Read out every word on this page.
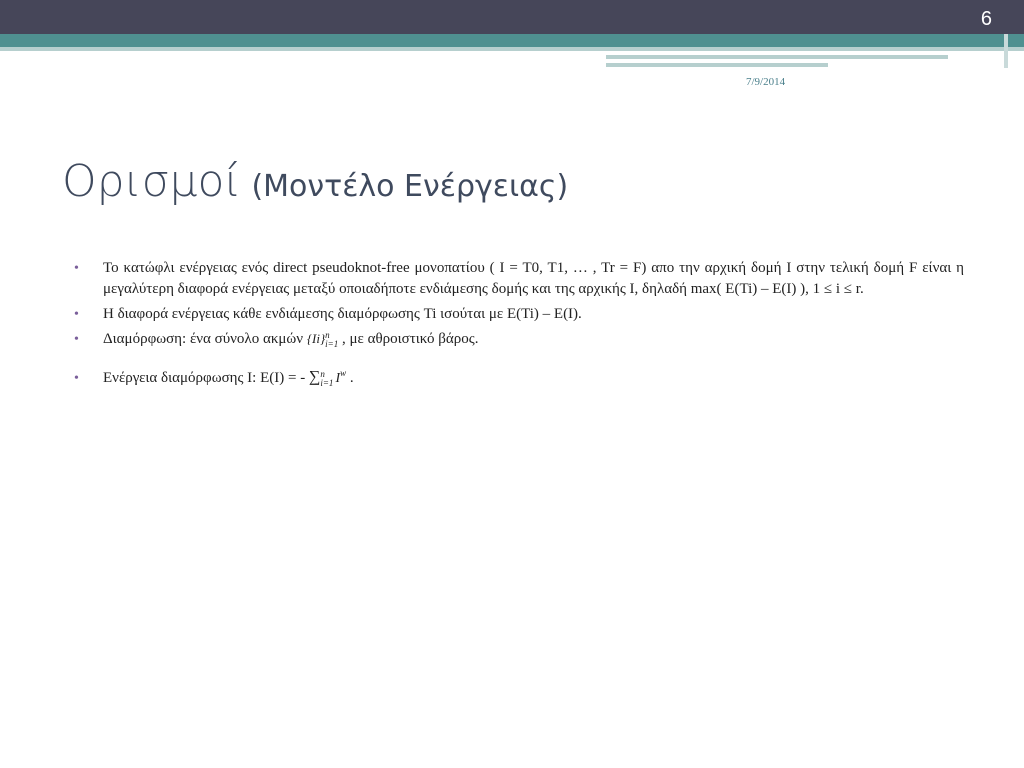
6
7/9/2014
Ορισμοί (Μοντέλο Ενέργειας)
• Το κατώφλι ενέργειας ενός direct pseudoknot-free μονοπατίου ( I = T0, T1, … , Tr = F) απο την αρχική δομή I στην τελική δομή F είναι η μεγαλύτερη διαφορά ενέργειας μεταξύ οποιαδήποτε ενδιάμεσης δομής και της αρχικής I, δηλαδή max( E(Ti) – E(I) ), 1 ≤ i ≤ r.
• Η διαφορά ενέργειας κάθε ενδιάμεσης διαμόρφωσης Ti ισούται με E(Ti) – E(I).
• Διαμόρφωση: ένα σύνολο ακμών {Ii} n
i=1 , με αθροιστικό βάρος.
• Ενέργεια διαμόρφωσης I: E(I) = - ∑ n
i=1 $I^w$ .
